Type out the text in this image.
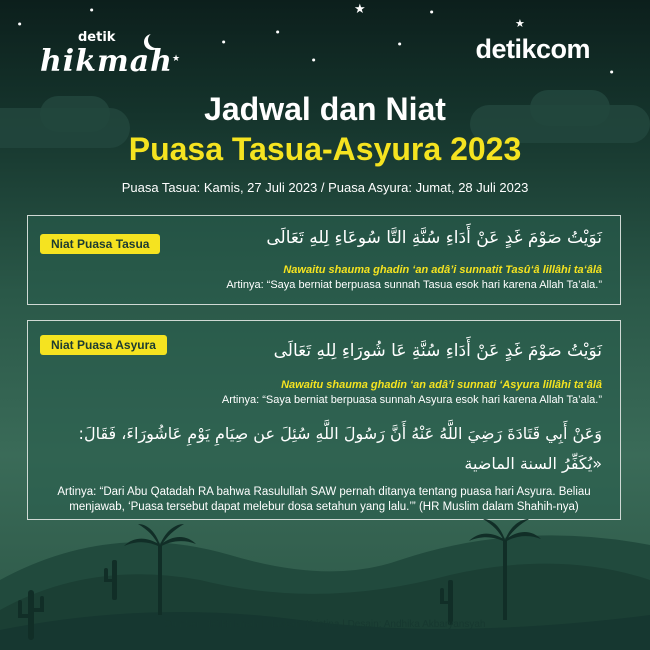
★
★
★
●
●
●
●
●
●
●
●
detik
hikmah	detikcom
Jadwal dan Niat
Puasa Tasua-Asyura 2023
Puasa Tasua: Kamis, 27 Juli 2023 / Puasa Asyura: Jumat, 28 Juli 2023
Niat Puasa Tasua	نَوَيْتُ صَوْمَ غَدٍ عَنْ أَدَاءِ سُنَّةِ التَّا سُوعَاءِ لِلهِ تَعَالَى
Nawaitu shauma ghadin ‘an adâ’i sunnatit Tasû‘â lillâhi ta‘âlâ
Artinya: “Saya berniat berpuasa sunnah Tasua esok hari karena Allah Ta’ala.”
Niat Puasa Asyura	نَوَيْتُ صَوْمَ غَدٍ عَنْ أَدَاءِ سُنَّةِ عَا شُورَاءِ لِلهِ تَعَالَى
Nawaitu shauma ghadin ‘an adâ’i sunnati ‘Asyura lillâhi ta‘âlâ
Artinya: “Saya berniat berpuasa sunnah Asyura esok hari karena Allah Ta’ala.”
وَعَنْ أَبِي قَتَادَةَ رَضِيَ اللَّهُ عَنْهُ أَنَّ رَسُولَ اللَّهِ سُئِلَ عن صِيَامِ يَوْمِ عَاشُورَاءَ، فَقَالَ: «يُكَفِّرُ السنة الماضية
Artinya: “Dari Abu Qatadah RA bahwa Rasulullah SAW pernah ditanya tentang puasa hari Asyura. Beliau menjawab, ‘Puasa tersebut dapat melebur dosa setahun yang lalu.’” (HR Muslim dalam Shahih-nya)
Sumber: detikhikmah | Naskah: Kristina | Desain: Andhika Akbaryansyah
